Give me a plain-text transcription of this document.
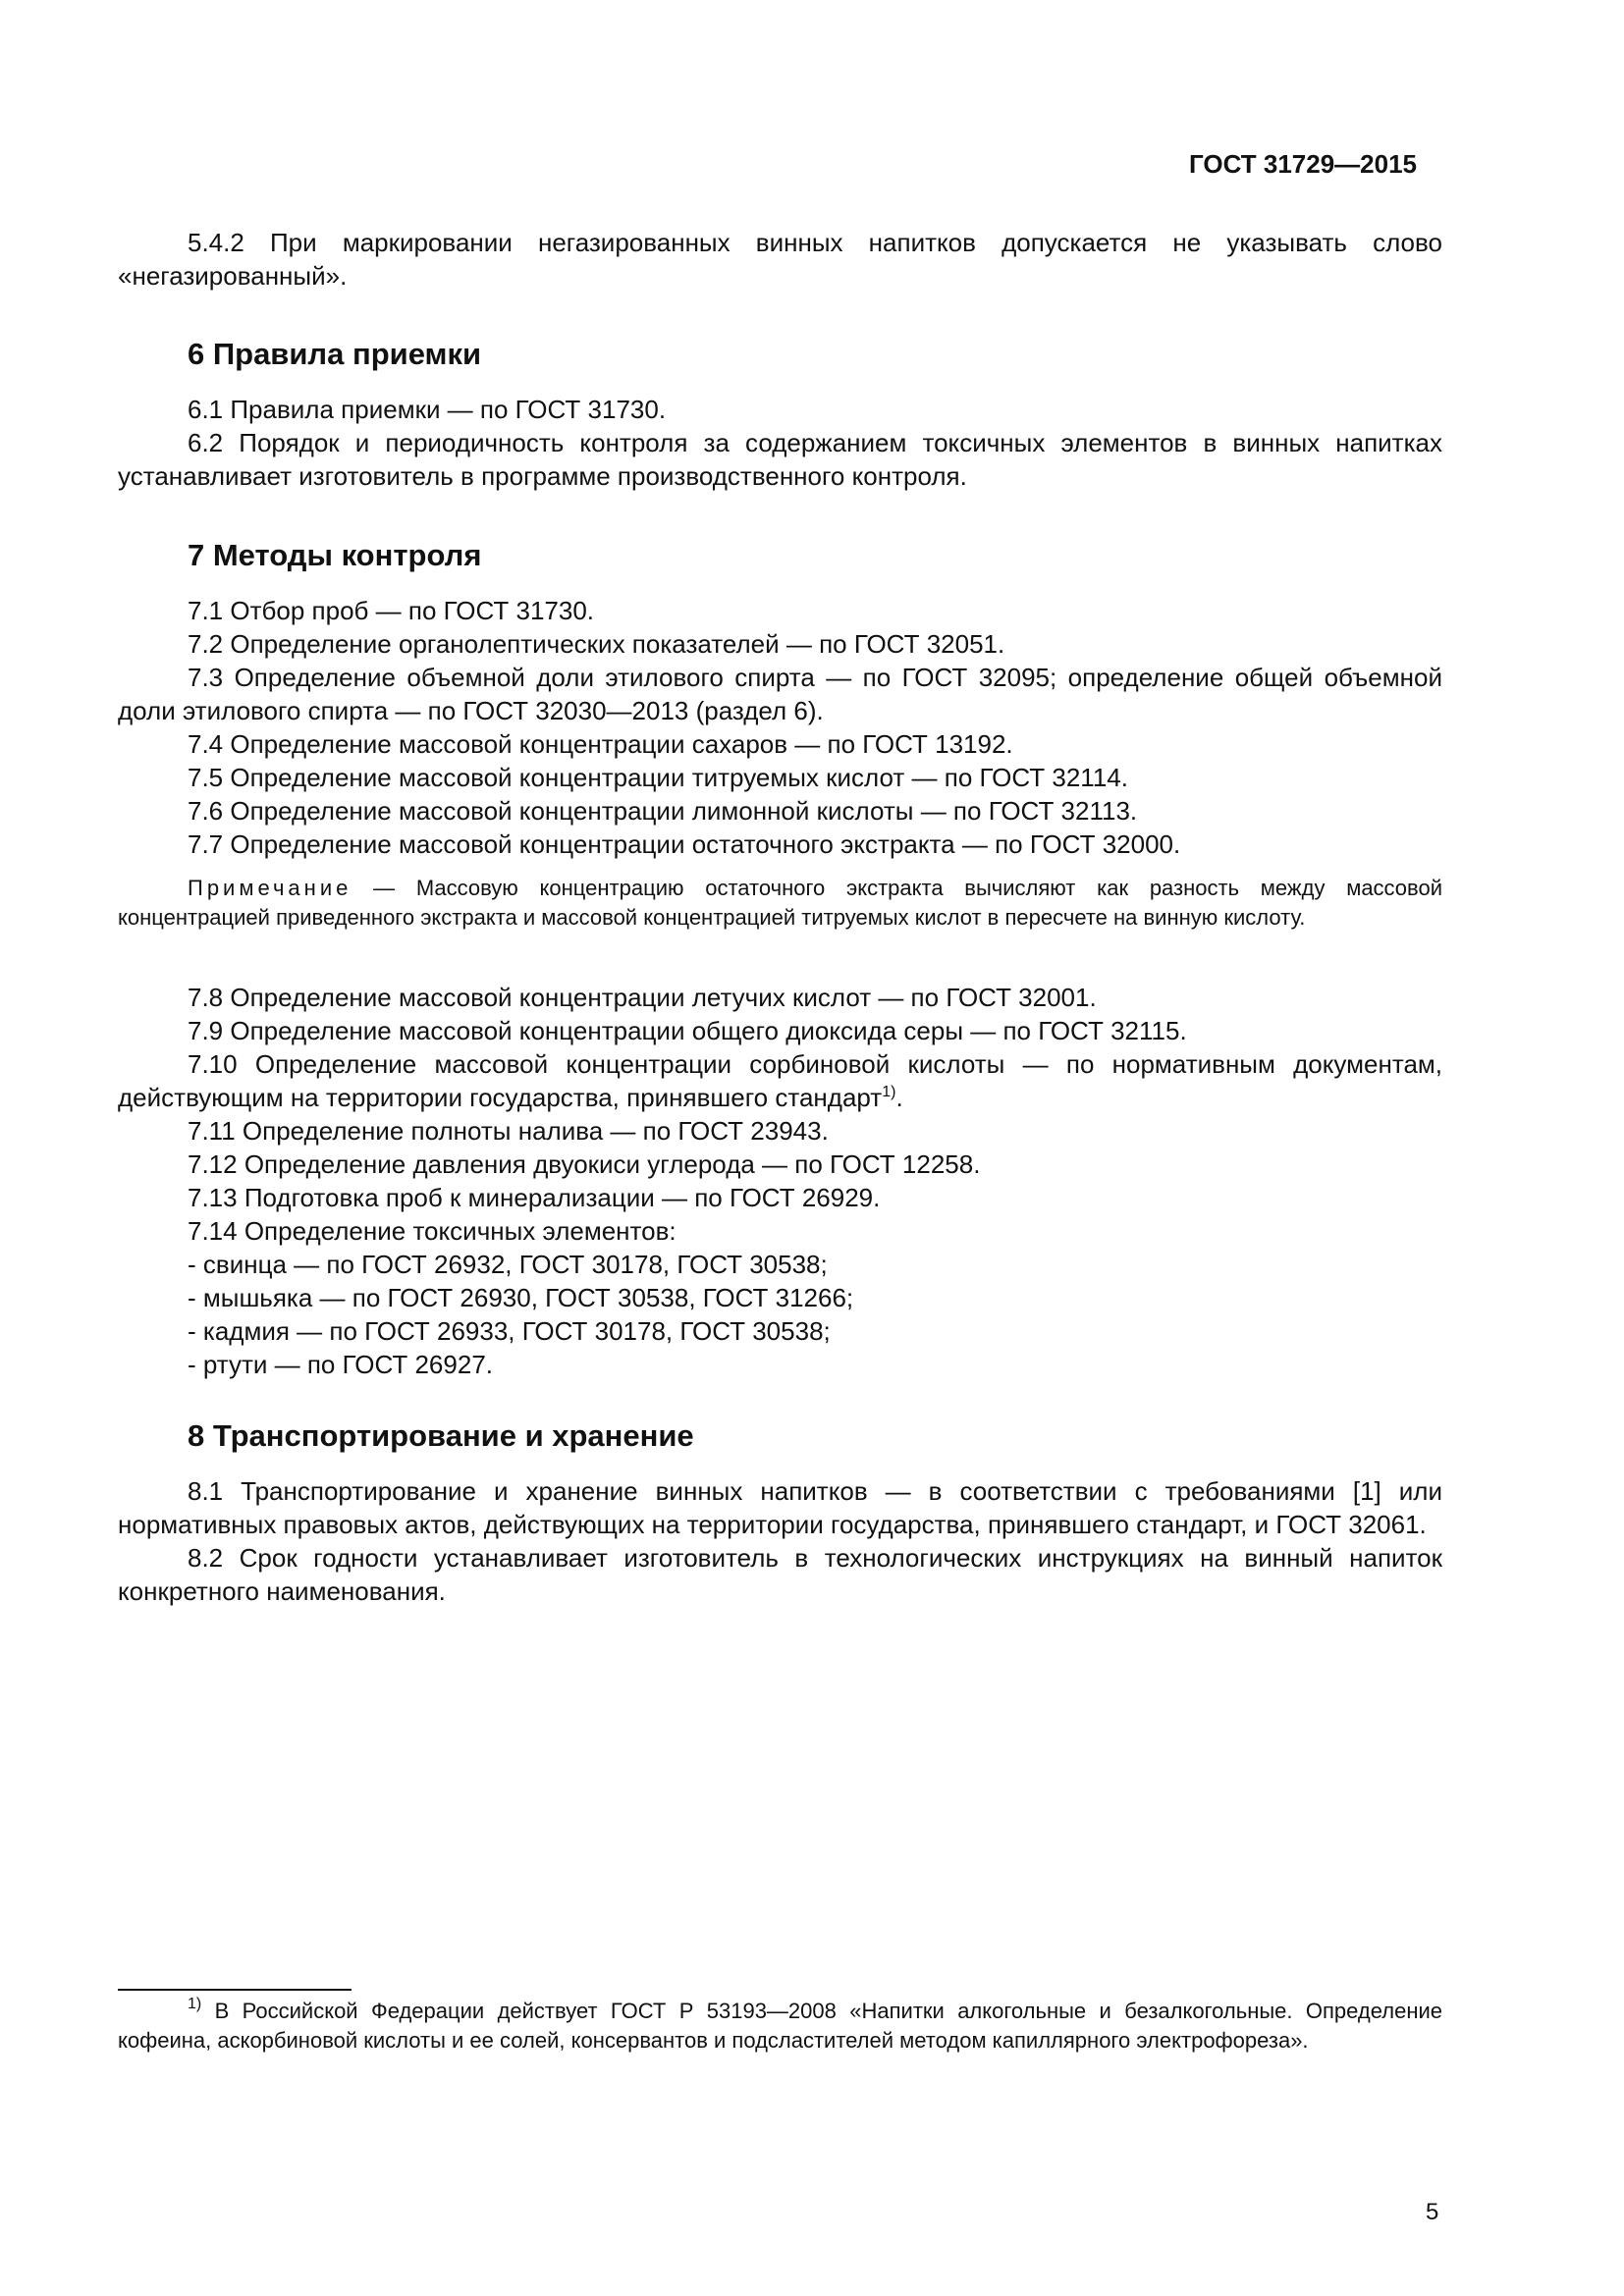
ГОСТ 31729—2015

5.4.2 При маркировании негазированных винных напитков допускается не указывать слово «негазированный».

6 Правила приемки

6.1 Правила приемки — по ГОСТ 31730.

6.2 Порядок и периодичность контроля за содержанием токсичных элементов в винных напитках устанавливает изготовитель в программе производственного контроля.

7 Методы контроля

7.1 Отбор проб — по ГОСТ 31730.

7.2 Определение органолептических показателей — по ГОСТ 32051.

7.3 Определение объемной доли этилового спирта — по ГОСТ 32095; определение общей объемной доли этилового спирта — по ГОСТ 32030—2013 (раздел 6).

7.4 Определение массовой концентрации сахаров — по ГОСТ 13192.

7.5 Определение массовой концентрации титруемых кислот — по ГОСТ 32114.

7.6 Определение массовой концентрации лимонной кислоты — по ГОСТ 32113.

7.7 Определение массовой концентрации остаточного экстракта — по ГОСТ 32000.

Примечание — Массовую концентрацию остаточного экстракта вычисляют как разность между массовой концентрацией приведенного экстракта и массовой концентрацией титруемых кислот в пересчете на винную кислоту.

7.8 Определение массовой концентрации летучих кислот — по ГОСТ 32001.

7.9 Определение массовой концентрации общего диоксида серы — по ГОСТ 32115.

7.10 Определение массовой концентрации сорбиновой кислоты — по нормативным документам, действующим на территории государства, принявшего стандарт$^{1)}$.

7.11 Определение полноты налива — по ГОСТ 23943.

7.12 Определение давления двуокиси углерода — по ГОСТ 12258.

7.13 Подготовка проб к минерализации — по ГОСТ 26929.

7.14 Определение токсичных элементов:

- свинца — по ГОСТ 26932, ГОСТ 30178, ГОСТ 30538;

- мышьяка — по ГОСТ 26930, ГОСТ 30538, ГОСТ 31266;

- кадмия — по ГОСТ 26933, ГОСТ 30178, ГОСТ 30538;

- ртути — по ГОСТ 26927.

8 Транспортирование и хранение

8.1 Транспортирование и хранение винных напитков — в соответствии с требованиями [1] или нормативных правовых актов, действующих на территории государства, принявшего стандарт, и ГОСТ 32061.

8.2 Срок годности устанавливает изготовитель в технологических инструкциях на винный напиток конкретного наименования.

$^{1)}$ В Российской Федерации действует ГОСТ Р 53193—2008 «Напитки алкогольные и безалкогольные. Определение кофеина, аскорбиновой кислоты и ее солей, консервантов и подсластителей методом капиллярного электрофореза».

5
